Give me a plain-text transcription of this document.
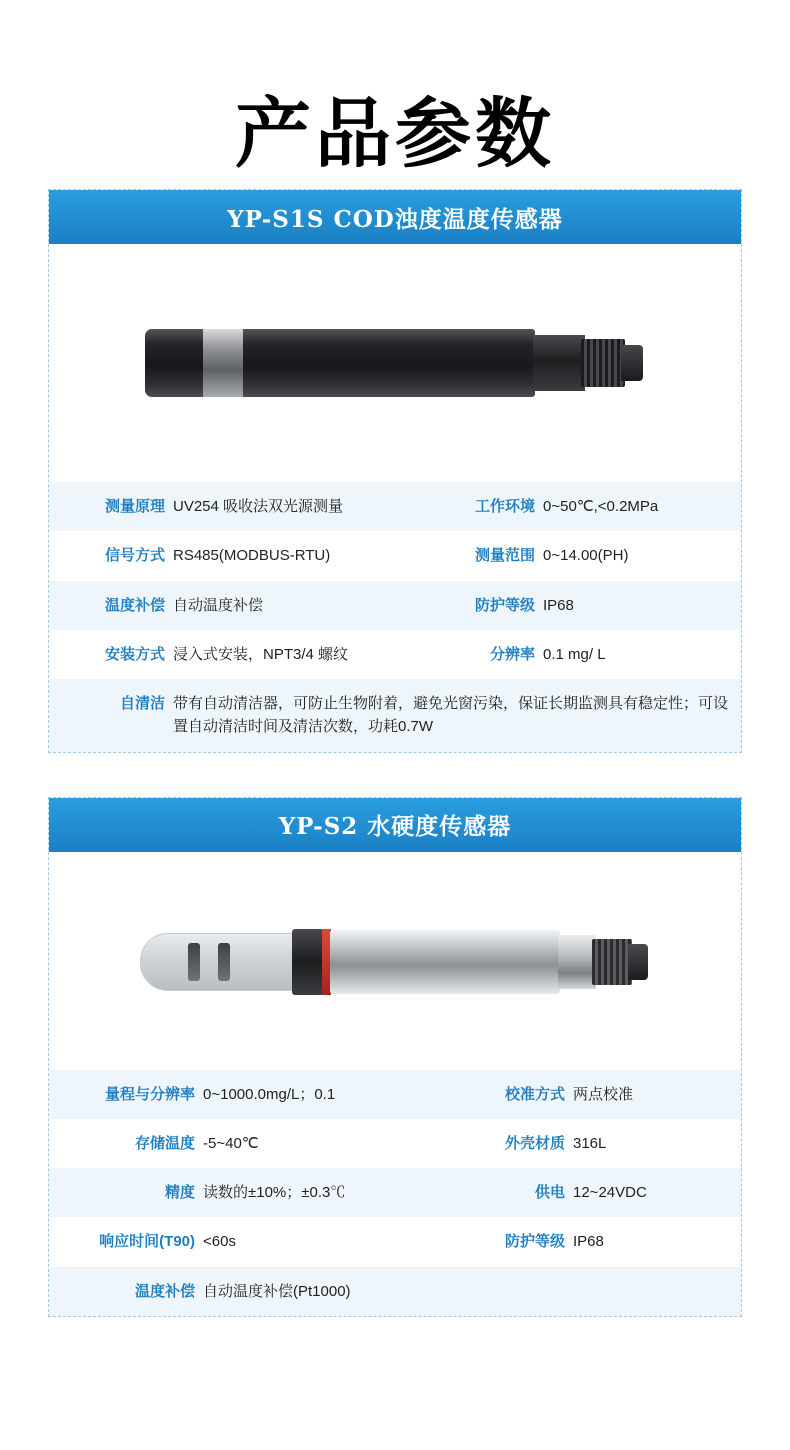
产品参数
YP-S1S COD浊度温度传感器
测量原理	UV254 吸收法双光源测量	工作环境	0~50℃,<0.2MPa
信号方式	RS485(MODBUS-RTU)	测量范围	0~14.00(PH)
温度补偿	自动温度补偿	防护等级	IP68
安装方式	浸入式安装，NPT3/4 螺纹	分辨率	0.1 mg/ L
自清洁	带有自动清洁器，可防止生物附着，避免光窗污染，保证长期监测具有稳定性；可设置自动清洁时间及清洁次数，功耗0.7W		
YP-S2 水硬度传感器
量程与分辨率	0~1000.0mg/L；0.1	校准方式	两点校准
存储温度	-5~40℃	外壳材质	316L
精度	读数的±10%；±0.3℃	供电	12~24VDC
响应时间(T90)	<60s	防护等级	IP68
温度补偿	自动温度补偿(Pt1000)		
